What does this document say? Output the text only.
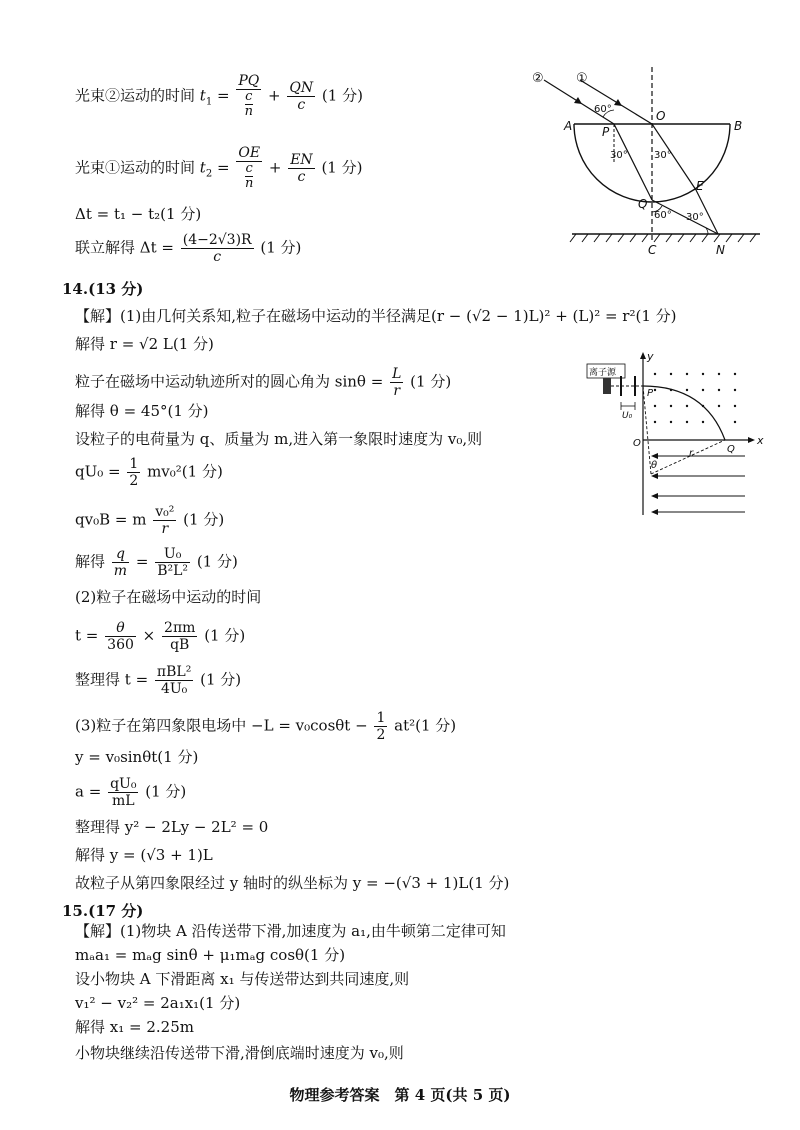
光束②运动的时间 $t_1 = \frac{PQ}{\frac{c}{n}} + \frac{QN}{c} (1$ 分)
光束①运动的时间 $t_2 = \frac{OE}{\frac{c}{n}} + \frac{EN}{c} (1$ 分)
Δt = t₁ − t₂(1 分)
联立解得 $\Delta t = \frac{(4-2√3)R}{c} (1$ 分)
② ①
60°
A P
O
B
30°	30°
E
Q
60° 30°
C	N
14.(13 分)
【解】(1)由几何关系知,粒子在磁场中运动的半径满足(r − (√2 − 1)L)² + (L)² = r²(1 分)
解得 r = √2 L(1 分)
粒子在磁场中运动轨迹所对的圆心角为 $\sin\theta = \frac{L}{r} (1$ 分)
解得 θ = 45°(1 分)
设粒子的电荷量为 q、质量为 m,进入第一象限时速度为 v₀,则
$qU_0 = \frac{1}{2} mv_0^2(1$ 分)
qv₀B = m $\frac{\text{v₀²}}{r} (1$ 分)
解得 $\frac{q}{m} = \frac{\text{U₀}}{\text{B²L²}} (1$ 分)
(2)粒子在磁场中运动的时间
$t = \frac{\theta}{360} \times \frac{2\pi m}{qB} (1$ 分)
整理得 $t = \frac{\text{πBL²}}{\text{4U₀}} (1$ 分)
(3)粒子在第四象限电场中 $-L = v_0\cos\theta t - \frac{1}{2} at^2(1$ 分)
y = v₀sinθt(1 分)
$a = \frac{\text{qU₀}}{mL} (1$ 分)
整理得 y² − 2Ly − 2L² = 0
解得 y = (√3 + 1)L
故粒子从第四象限经过 y 轴时的纵坐标为 y = −(√3 + 1)L(1 分)
离子源
y
P
U₀
O
Q
x
r
θ
15.(17 分)
【解】(1)物块 A 沿传送带下滑,加速度为 a₁,由牛顿第二定律可知
mₐa₁ = mₐg sinθ + μ₁mₐg cosθ(1 分)
设小物块 A 下滑距离 x₁ 与传送带达到共同速度,则
v₁² − v₂² = 2a₁x₁(1 分)
解得 x₁ = 2.25m
小物块继续沿传送带下滑,滑倒底端时速度为 v₀,则
物理参考答案　第 4 页(共 5 页)
